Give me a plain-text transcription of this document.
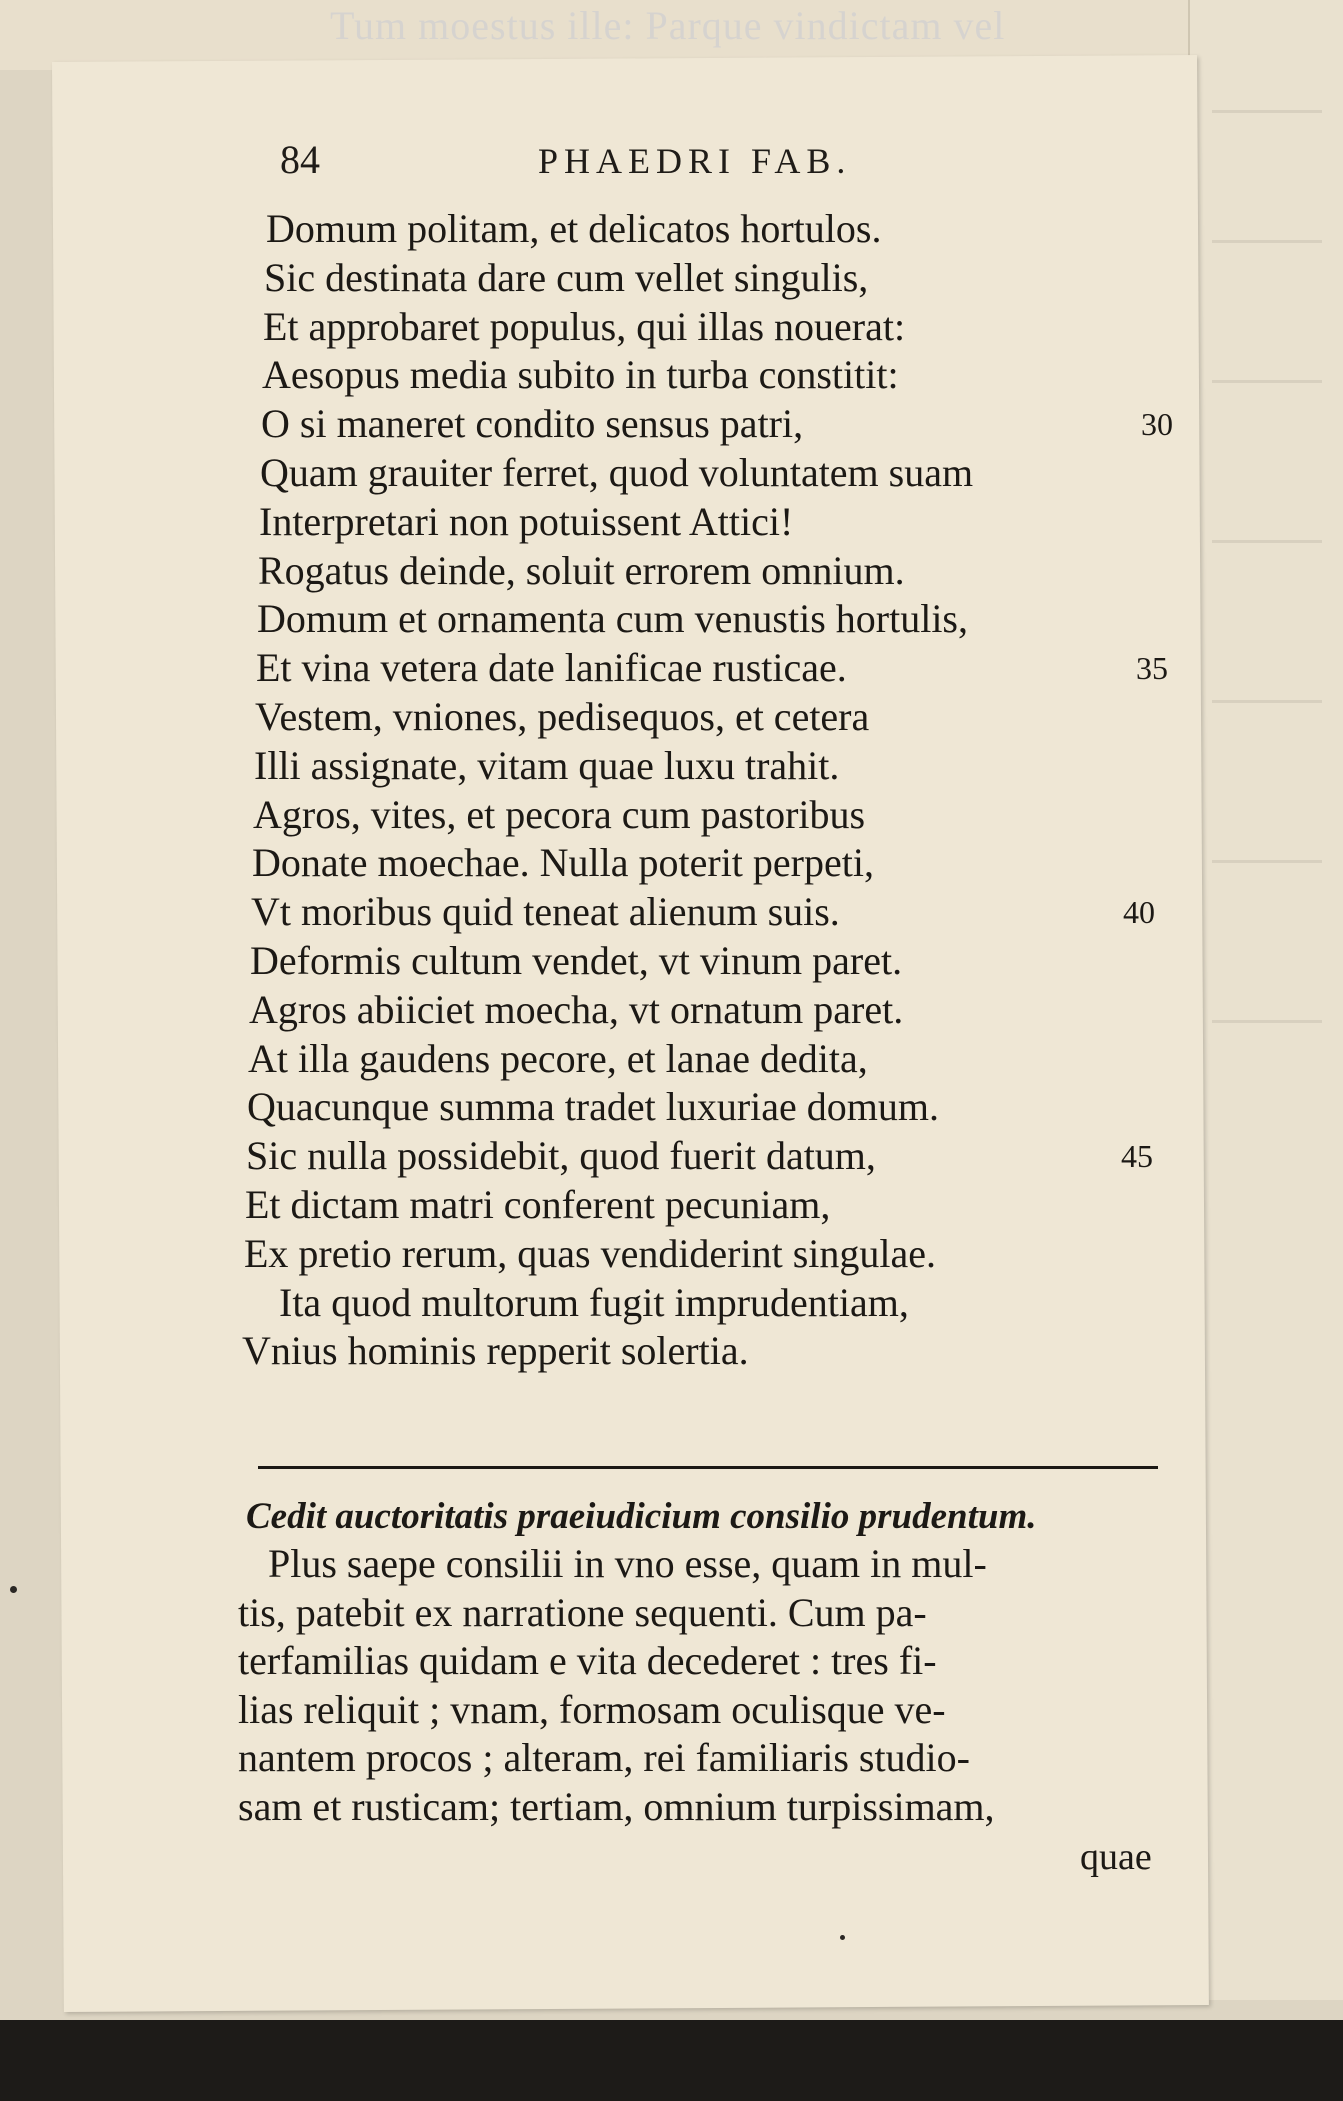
Tum moestus ille: Parque vindictam vel
84	PHAEDRI FAB.
Domum politam, et delicatos hortulos.
Sic destinata dare cum vellet singulis,
Et approbaret populus, qui illas nouerat:
Aesopus media subito in turba constitit:
O si maneret condito sensus patri,	30
Quam grauiter ferret, quod voluntatem suam
Interpretari non potuissent Attici!
Rogatus deinde, soluit errorem omnium.
Domum et ornamenta cum venustis hortulis,
Et vina vetera date lanificae rusticae.	35
Vestem, vniones, pedisequos, et cetera
Illi assignate, vitam quae luxu trahit.
Agros, vites, et pecora cum pastoribus
Donate moechae. Nulla poterit perpeti,
Vt moribus quid teneat alienum suis.	40
Deformis cultum vendet, vt vinum paret.
Agros abiiciet moecha, vt ornatum paret.
At illa gaudens pecore, et lanae dedita,
Quacunque summa tradet luxuriae domum.
Sic nulla possidebit, quod fuerit datum,	45
Et dictam matri conferent pecuniam,
Ex pretio rerum, quas vendiderint singulae.
Ita quod multorum fugit imprudentiam,
Vnius hominis repperit solertia.
Cedit auctoritatis praeiudicium consilio prudentum.
Plus saepe consilii in vno esse, quam in mul-
tis, patebit ex narratione sequenti. Cum pa-
terfamilias quidam e vita decederet : tres fi-
lias reliquit ; vnam, formosam oculisque ve-
nantem procos ; alteram, rei familiaris studio-
sam et rusticam; tertiam, omnium turpissimam,
quae
